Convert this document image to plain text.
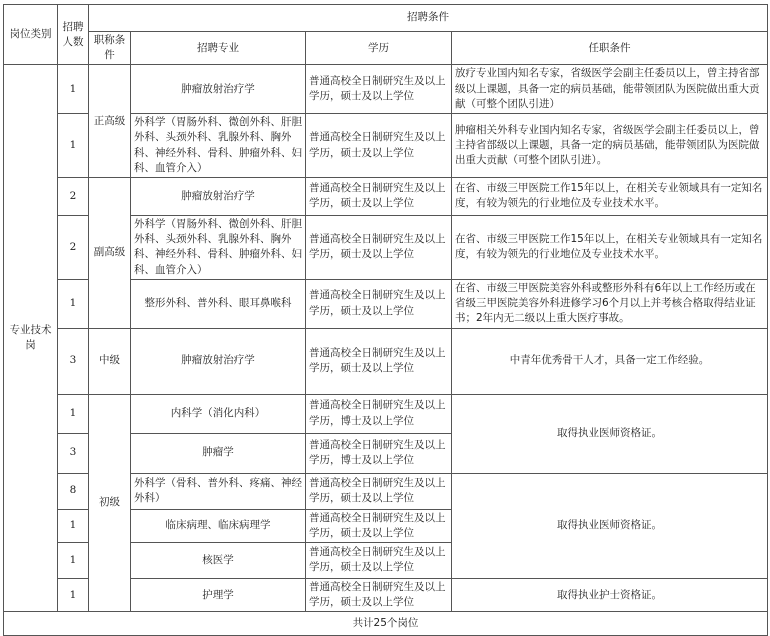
岗位类别	招聘人数	招聘条件			
		职称条件	招聘专业	学历	任职条件
专业技术岗	1	正高级	肿瘤放射治疗学	普通高校全日制研究生及以上学历，硕士及以上学位	放疗专业国内知名专家，省级医学会副主任委员以上，曾主持省部级以上课题，具备一定的病员基础，能带领团队为医院做出重大贡献（可整个团队引进）
	1		外科学（胃肠外科、微创外科、肝胆外科、头颈外科、乳腺外科、胸外科、神经外科、骨科、肿瘤外科、妇科、血管介入）	普通高校全日制研究生及以上学历，硕士及以上学位	肿瘤相关外科专业国内知名专家，省级医学会副主任委员以上，曾主持省部级以上课题，具备一定的病员基础，能带领团队为医院做出重大贡献（可整个团队引进）。
	2	副高级	肿瘤放射治疗学	普通高校全日制研究生及以上学历，硕士及以上学位	在省、市级三甲医院工作15年以上，在相关专业领域具有一定知名度，有较为领先的行业地位及专业技术水平。
	2		外科学（胃肠外科、微创外科、肝胆外科、头颈外科、乳腺外科、胸外科、神经外科、骨科、肿瘤外科、妇科、血管介入）	普通高校全日制研究生及以上学历，硕士及以上学位	在省、市级三甲医院工作15年以上，在相关专业领域具有一定知名度，有较为领先的行业地位及专业技术水平。
	1		整形外科、普外科、眼耳鼻喉科	普通高校全日制研究生及以上学历，硕士及以上学位	在省、市级三甲医院美容外科或整形外科有6年以上工作经历或在省级三甲医院美容外科进修学习6个月以上并考核合格取得结业证书；2年内无二级以上重大医疗事故。
	3	中级	肿瘤放射治疗学	普通高校全日制研究生及以上学历，硕士及以上学位	中青年优秀骨干人才，具备一定工作经验。
	1	初级	内科学（消化内科）	普通高校全日制研究生及以上学历，博士及以上学位	取得执业医师资格证。
	3		肿瘤学	普通高校全日制研究生及以上学历，博士及以上学位	
	8		外科学（骨科、普外科、疼痛、神经外科）	普通高校全日制研究生及以上学历，硕士及以上学位	取得执业医师资格证。
	1		临床病理、临床病理学	普通高校全日制研究生及以上学历，硕士及以上学位	
	1		核医学	普通高校全日制研究生及以上学历，硕士及以上学位	
	1		护理学	普通高校全日制研究生及以上学历，硕士及以上学位	取得执业护士资格证。
共计25个岗位					
